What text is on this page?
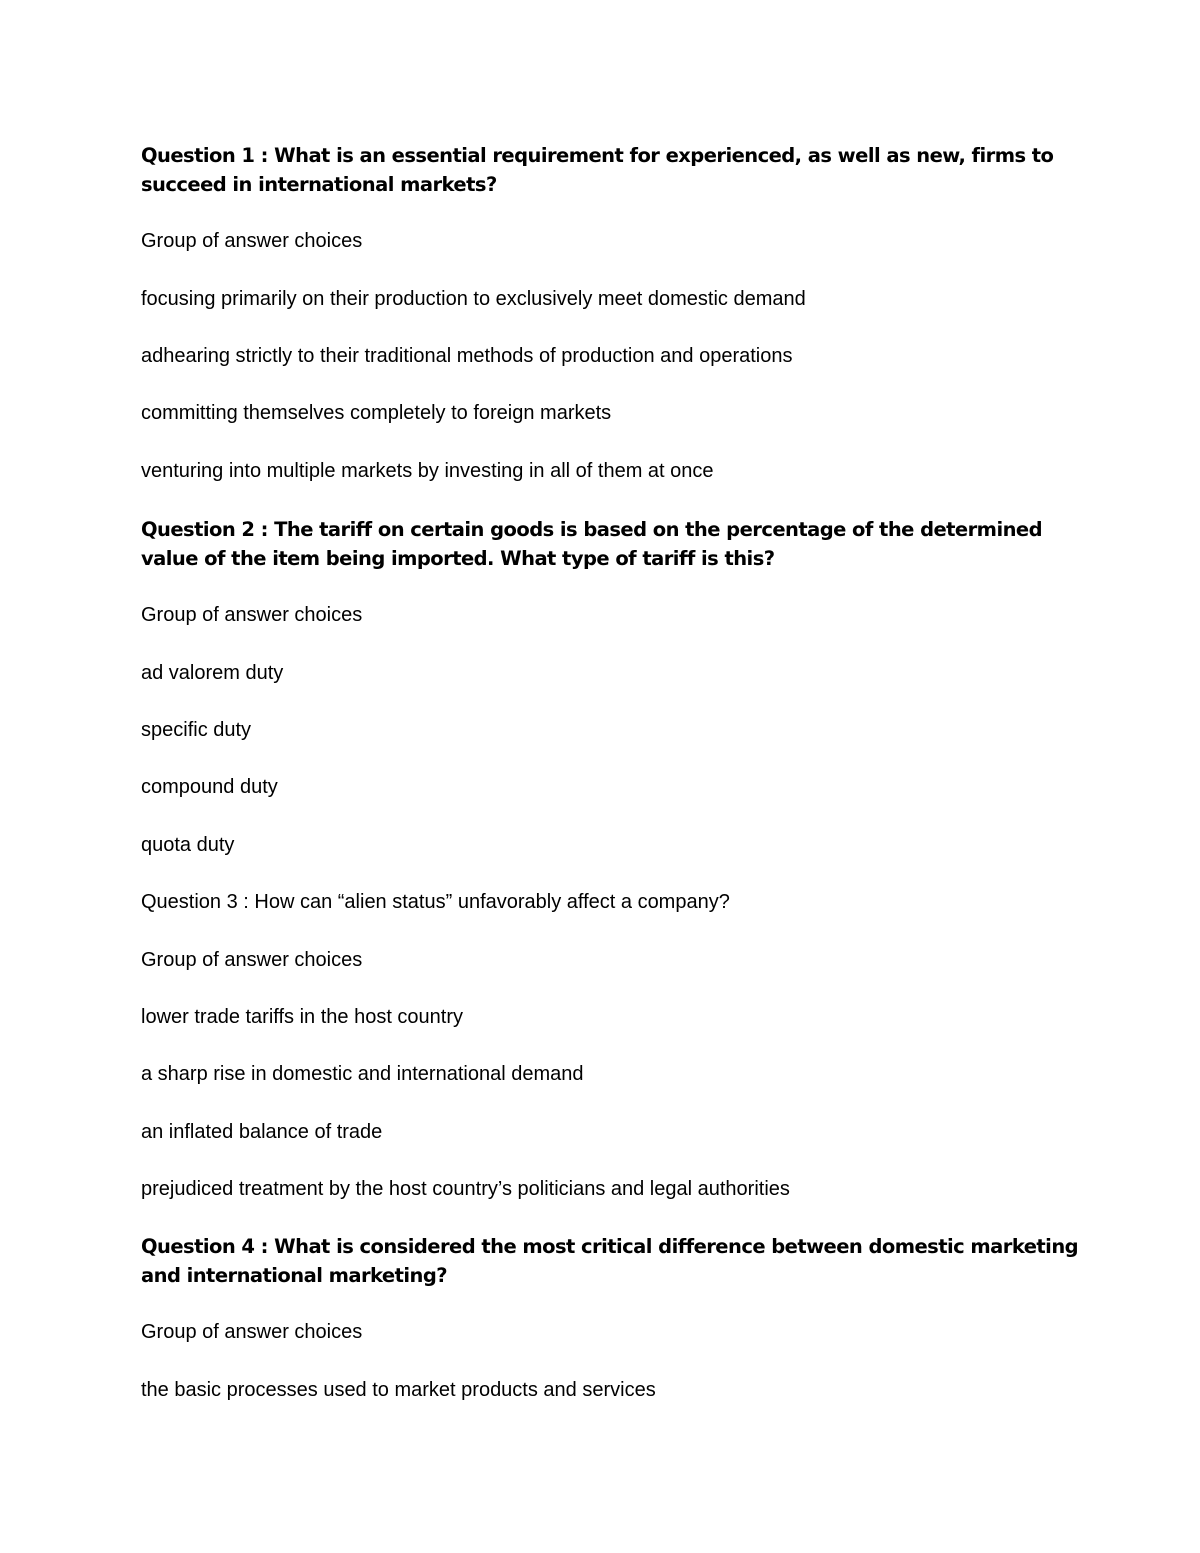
Question 1 : What is an essential requirement for experienced, as well as new, firms to succeed in international markets?
Group of answer choices
focusing primarily on their production to exclusively meet domestic demand
adhearing strictly to their traditional methods of production and operations
committing themselves completely to foreign markets
venturing into multiple markets by investing in all of them at once
Question 2 : The tariff on certain goods is based on the percentage of the determined value of the item being imported. What type of tariff is this?
Group of answer choices
ad valorem duty
specific duty
compound duty
quota duty
Question 3 : How can “alien status” unfavorably affect a company?
Group of answer choices
lower trade tariffs in the host country
a sharp rise in domestic and international demand
an inflated balance of trade
prejudiced treatment by the host country’s politicians and legal authorities
Question 4 : What is considered the most critical difference between domestic marketing and international marketing?
Group of answer choices
the basic processes used to market products and services
